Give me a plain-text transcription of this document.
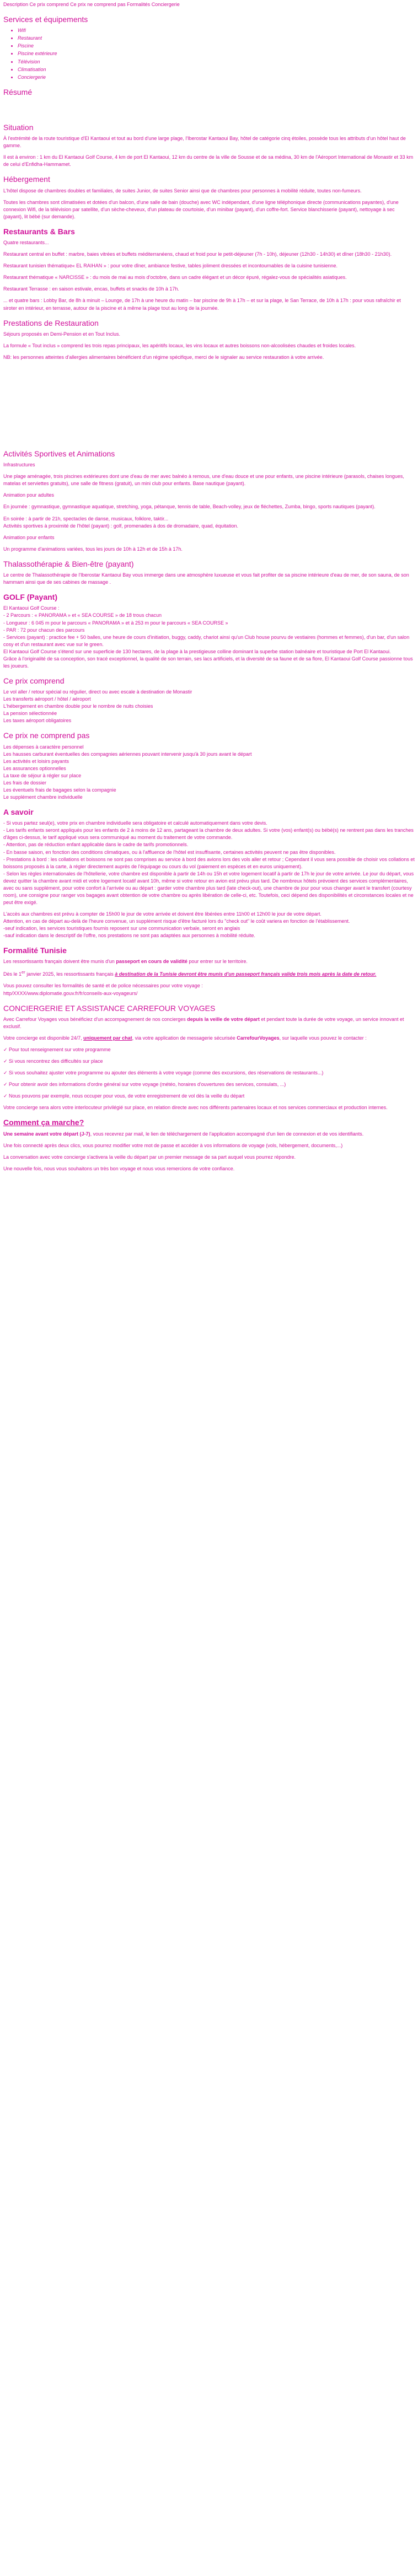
Description Ce prix comprend Ce prix ne comprend pas Formalités Conciergerie
Services et équipements
• Wifi
• Restaurant
• Piscine
• Piscine extérieure
• Télévision
• Climatisation
• Conciergerie
Résumé
Situation

À l'extrémité de la route touristique d'El Kantaoui et tout au bord d'une large plage, l'Iberostar Kantaoui Bay, hôtel de catégorie cinq étoiles, possède tous les attributs d'un hôtel haut de gamme.

Il est à environ : 1 km du El Kantaoui Golf Course, 4 km de port El Kantaoui, 12 km du centre de la ville de Sousse et de sa médina, 30 km de l'Aéroport International de Monastir et 33 km de celui d'Enfidha-Hammamet.

Hébergement

L'hôtel dispose de chambres doubles et familiales, de suites Junior, de suites Senior ainsi que de chambres pour personnes à mobilité réduite, toutes non-fumeurs.

Toutes les chambres sont climatisées et dotées d'un balcon, d'une salle de bain (douche) avec WC indépendant, d'une ligne téléphonique directe (communications payantes), d'une connexion Wifi, de la télévision par satellite, d'un sèche-cheveux, d'un plateau de courtoisie, d'un minibar (payant), d'un coffre-fort. Service blanchisserie (payant), nettoyage à sec (payant), lit bébé (sur demande).

Restaurants & Bars

Quatre restaurants...

Restaurant central en buffet : marbre, baies vitrées et buffets méditerranéens, chaud et froid pour le petit-déjeuner (7h - 10h), déjeuner (12h30 - 14h30) et dîner (18h30 - 21h30).

Restaurant tunisien thématique« EL RAIHAN » : pour votre dîner, ambiance festive, tables joliment dressées et incontournables de la cuisine tunisienne.

Restaurant thématique « NARCISSE » : du mois de mai au mois d'octobre, dans un cadre élégant et un décor épuré, régalez-vous de spécialités asiatiques.

Restaurant Terrasse : en saison estivale, encas, buffets et snacks de 10h à 17h.

... et quatre bars : Lobby Bar, de 8h à minuit – Lounge, de 17h à une heure du matin – bar piscine de 9h à 17h – et sur la plage, le San Terrace, de 10h à 17h : pour vous rafraîchir et siroter en intérieur, en terrasse, autour de la piscine et à même la plage tout au long de la journée.

Prestations de Restauration

Séjours proposés en Demi-Pension et en Tout Inclus.

La formule « Tout inclus » comprend les trois repas principaux, les apéritifs locaux, les vins locaux et autres boissons non-alcoolisées chaudes et froides locales.

NB: les personnes atteintes d'allergies alimentaires bénéficient d'un régime spécifique, merci de le signaler au service restauration à votre arrivée.

Activités Sportives et Animations

Infrastructures

Une plage aménagée, trois piscines extérieures dont une d'eau de mer avec balnéo à remous, une d'eau douce et une pour enfants, une piscine intérieure (parasols, chaises longues, matelas et serviettes gratuits), une salle de fitness (gratuit), un mini club pour enfants. Base nautique (payant).

Animation pour adultes

En journée : gymnastique, gymnastique aquatique, stretching, yoga, pétanque, tennis de table, Beach-volley, jeux de fléchettes, Zumba, bingo, sports nautiques (payant).

En soirée : à partir de 21h, spectacles de danse, musicaux, folklore, taktir...
Activités sportives à proximité de l'hôtel (payant) : golf, promenades à dos de dromadaire, quad, équitation.

Animation pour enfants

Un programme d'animations variées, tous les jours de 10h à 12h et de 15h à 17h.

Thalassothérapie & Bien-être (payant)

Le centre de Thalassothérapie de l'Iberostar Kantaoui Bay vous immerge dans une atmosphère luxueuse et vous fait profiter de sa piscine intérieure d'eau de mer, de son sauna, de son hammam ainsi que de ses cabines de massage .

GOLF (Payant)

El Kantaoui Golf Course :
- 2 Parcours : « PANORAMA » et « SEA COURSE » de 18 trous chacun
- Longueur : 6 045 m pour le parcours « PANORAMA » et à 253 m pour le parcours « SEA COURSE »
- PAR : 72 pour chacun des parcours
- Services (payant) : practice fee + 50 balles, une heure de cours d'initiation, buggy, caddy, chariot ainsi qu'un Club house pourvu de vestiaires (hommes et femmes), d'un bar, d'un salon cosy et d'un restaurant avec vue sur le green.
El Kantaoui Golf Course s'étend sur une superficie de 130 hectares, de la plage à la prestigieuse colline dominant la superbe station balnéaire et touristique de Port El Kantaoui.
Grâce à l'originalité de sa conception, son tracé exceptionnel, la qualité de son terrain, ses lacs artificiels, et la diversité de sa faune et de sa flore, El Kantaoui Golf Course passionne tous les joueurs.

Ce prix comprend

Le vol aller / retour spécial ou régulier, direct ou avec escale à destination de Monastir
Les transferts aéroport / hôtel / aéroport
L'hébergement en chambre double pour le nombre de nuits choisies
La pension sélectionnée
Les taxes aéroport obligatoires

Ce prix ne comprend pas

Les dépenses à caractère personnel
Les hausses carburant éventuelles des compagnies aériennes pouvant intervenir jusqu'à 30 jours avant le départ
Les activités et loisirs payants
Les assurances optionnelles
La taxe de séjour à régler sur place
Les frais de dossier
Les éventuels frais de bagages selon la compagnie
Le supplément chambre individuelle

A savoir

- Si vous partez seul(e), votre prix en chambre individuelle sera obligatoire et calculé automatiquement dans votre devis.
- Les tarifs enfants seront appliqués pour les enfants de 2 à moins de 12 ans, partageant la chambre de deux adultes. Si votre (vos) enfant(s) ou bébé(s) ne rentrent pas dans les tranches d'âges ci-dessus, le tarif appliqué vous sera communiqué au moment du traitement de votre commande.
- Attention, pas de réduction enfant applicable dans le cadre de tarifs promotionnels.
- En basse saison, en fonction des conditions climatiques, ou à l'affluence de l'hôtel est insuffisante, certaines activités peuvent ne pas être disponibles.
- Prestations à bord : les collations et boissons ne sont pas comprises au service à bord des avions lors des vols aller et retour ; Cependant il vous sera possible de choisir vos collations et boissons proposés à la carte, à régler directement auprès de l'équipage ou cours du vol (paiement en espèces et en euros uniquement).
- Selon les règles internationales de l'hôtellerie, votre chambre est disponible à partir de 14h ou 15h et votre logement locatif à partir de 17h le jour de votre arrivée. Le jour du départ, vous devez quitter la chambre avant midi et votre logement locatif avant 10h, même si votre retour en avion est prévu plus tard. De nombreux hôtels prévoient des services complémentaires, avec ou sans supplément, pour votre confort à l'arrivée ou au départ : garder votre chambre plus tard (late check-out), une chambre de jour pour vous changer avant le transfert (courtesy room), une consigne pour ranger vos bagages avant obtention de votre chambre ou après libération de celle-ci, etc. Toutefois, ceci dépend des disponibilités et circonstances locales et ne peut être exigé.

L'accès aux chambres est prévu à compter de 15h00 le jour de votre arrivée et doivent être libérées entre 11h00 et 12h00 le jour de votre départ.
Attention, en cas de départ au-delà de l'heure convenue, un supplément risque d'être facturé lors du "check out" le coût variera en fonction de l'établissement.
-seuf indication, les services touristiques fournis reposent sur une communication verbale, seront en anglais
-sauf indication dans le descriptif de l'offre, nos prestations ne sont pas adaptées aux personnes à mobilité réduite.

Formalité Tunisie

Les ressortissants français doivent être munis d'un passeport en cours de validité pour entrer sur le territoire.

Dès le 1er janvier 2025, les ressortissants français à destination de la Tunisie devront être munis d'un passeport français valide trois mois après la date de retour.

Vous pouvez consulter les formalités de santé et de police nécessaires pour votre voyage :
http/XXXX/www.diplomatie.gouv.fr/fr/conseils-aux-voyageurs/

CONCIERGERIE ET ASSISTANCE CARREFOUR VOYAGES

Avec Carrefour Voyages vous bénéficiez d'un accompagnement de nos concierges depuis la veille de votre départ et pendant toute la durée de votre voyage, un service innovant et exclusif.

Votre concierge est disponible 24/7, uniquement par chat, via votre application de messagerie sécurisée CarrefourVoyages, sur laquelle vous pouvez le contacter :

✓ Pour tout renseignement sur votre programme

✓ Si vous rencontrez des difficultés sur place

✓ Si vous souhaitez ajuster votre programme ou ajouter des éléments à votre voyage (comme des excursions, des réservations de restaurants...)

✓ Pour obtenir avoir des informations d'ordre général sur votre voyage (météo, horaires d'ouvertures des services, consulats, ...)

✓ Nous pouvons par exemple, nous occuper pour vous, de votre enregistrement de vol dès la veille du départ

Votre concierge sera alors votre interlocuteur privilégié sur place, en relation directe avec nos différents partenaires locaux et nos services commerciaux et production internes.

Comment ça marche?

Une semaine avant votre départ (J-7), vous recevrez par mail, le lien de téléchargement de l'application accompagné d'un lien de connexion et de vos identifiants.

Une fois connecté après deux clics, vous pourrez modifier votre mot de passe et accéder à vos informations de voyage (vols, hébergement, documents,...)

La conversation avec votre concierge s'activera la veille du départ par un premier message de sa part auquel vous pourrez répondre.

Une nouvelle fois, nous vous souhaitons un très bon voyage et nous vous remercions de votre confiance.
